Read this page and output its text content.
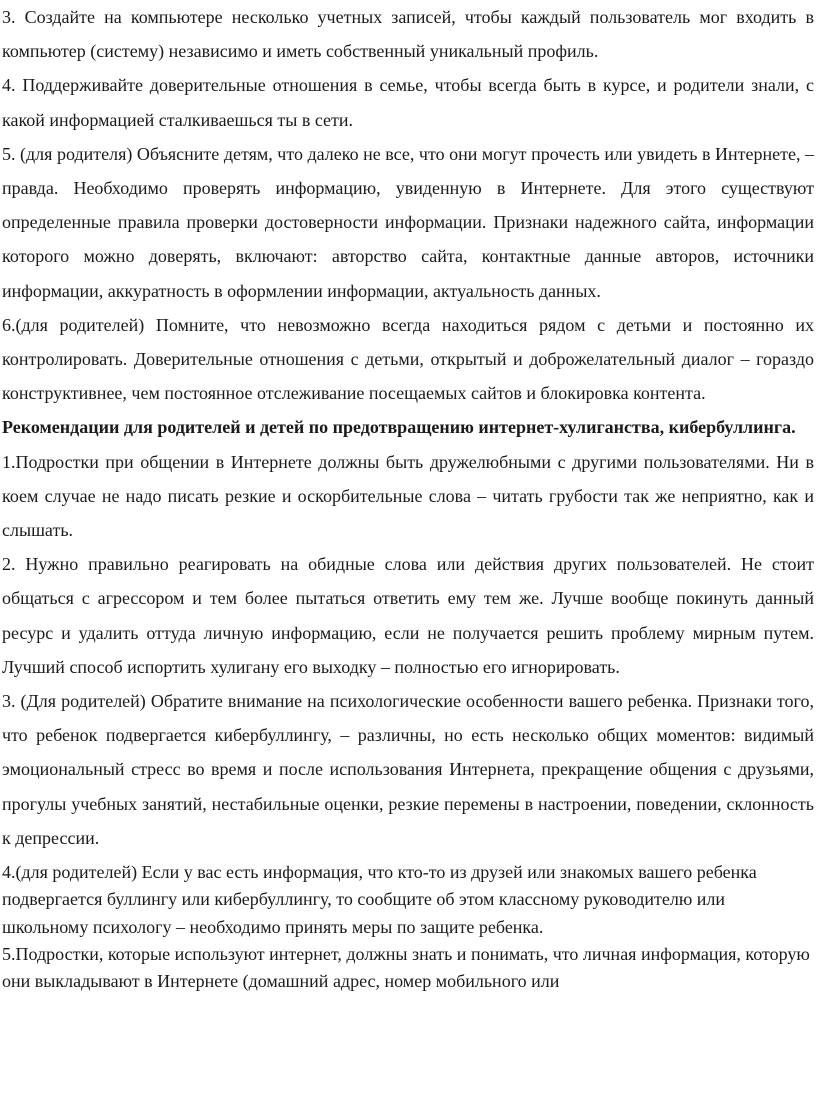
3. Создайте на компьютере несколько учетных записей, чтобы каждый пользователь мог входить в компьютер (систему) независимо и иметь собственный уникальный профиль.

4. Поддерживайте доверительные отношения в семье, чтобы всегда быть в курсе, и родители знали, с какой информацией сталкиваешься ты в сети.

5. (для родителя) Объясните детям, что далеко не все, что они могут прочесть или увидеть в Интернете, – правда. Необходимо проверять информацию, увиденную в Интернете. Для этого существуют определенные правила проверки достоверности информации. Признаки надежного сайта, информации которого можно доверять, включают: авторство сайта, контактные данные авторов, источники информации, аккуратность в оформлении информации, актуальность данных.

6.(для родителей) Помните, что невозможно всегда находиться рядом с детьми и постоянно их контролировать. Доверительные отношения с детьми, открытый и доброжелательный диалог – гораздо конструктивнее, чем постоянное отслеживание посещаемых сайтов и блокировка контента.

Рекомендации для родителей и детей по предотвращению интернет-хулиганства, кибербуллинга.

1.Подростки при общении в Интернете должны быть дружелюбными с другими пользователями. Ни в коем случае не надо писать резкие и оскорбительные слова – читать грубости так же неприятно, как и слышать.

2. Нужно правильно реагировать на обидные слова или действия других пользователей. Не стоит общаться с агрессором и тем более пытаться ответить ему тем же. Лучше вообще покинуть данный ресурс и удалить оттуда личную информацию, если не получается решить проблему мирным путем. Лучший способ испортить хулигану его выходку – полностью его игнорировать.

3. (Для родителей) Обратите внимание на психологические особенности вашего ребенка. Признаки того, что ребенок подвергается кибербуллингу, – различны, но есть несколько общих моментов: видимый эмоциональный стресс во время и после использования Интернета, прекращение общения с друзьями, прогулы учебных занятий, нестабильные оценки, резкие перемены в настроении, поведении, склонность к депрессии.

4.(для родителей) Если у вас есть информация, что кто-то из друзей или знакомых вашего ребенка подвергается буллингу или кибербуллингу, то сообщите об этом классному руководителю или школьному психологу – необходимо принять меры по защите ребенка.

5.Подростки, которые используют интернет, должны знать и понимать, что личная информация, которую они выкладывают в Интернете (домашний адрес, номер мобильного или
